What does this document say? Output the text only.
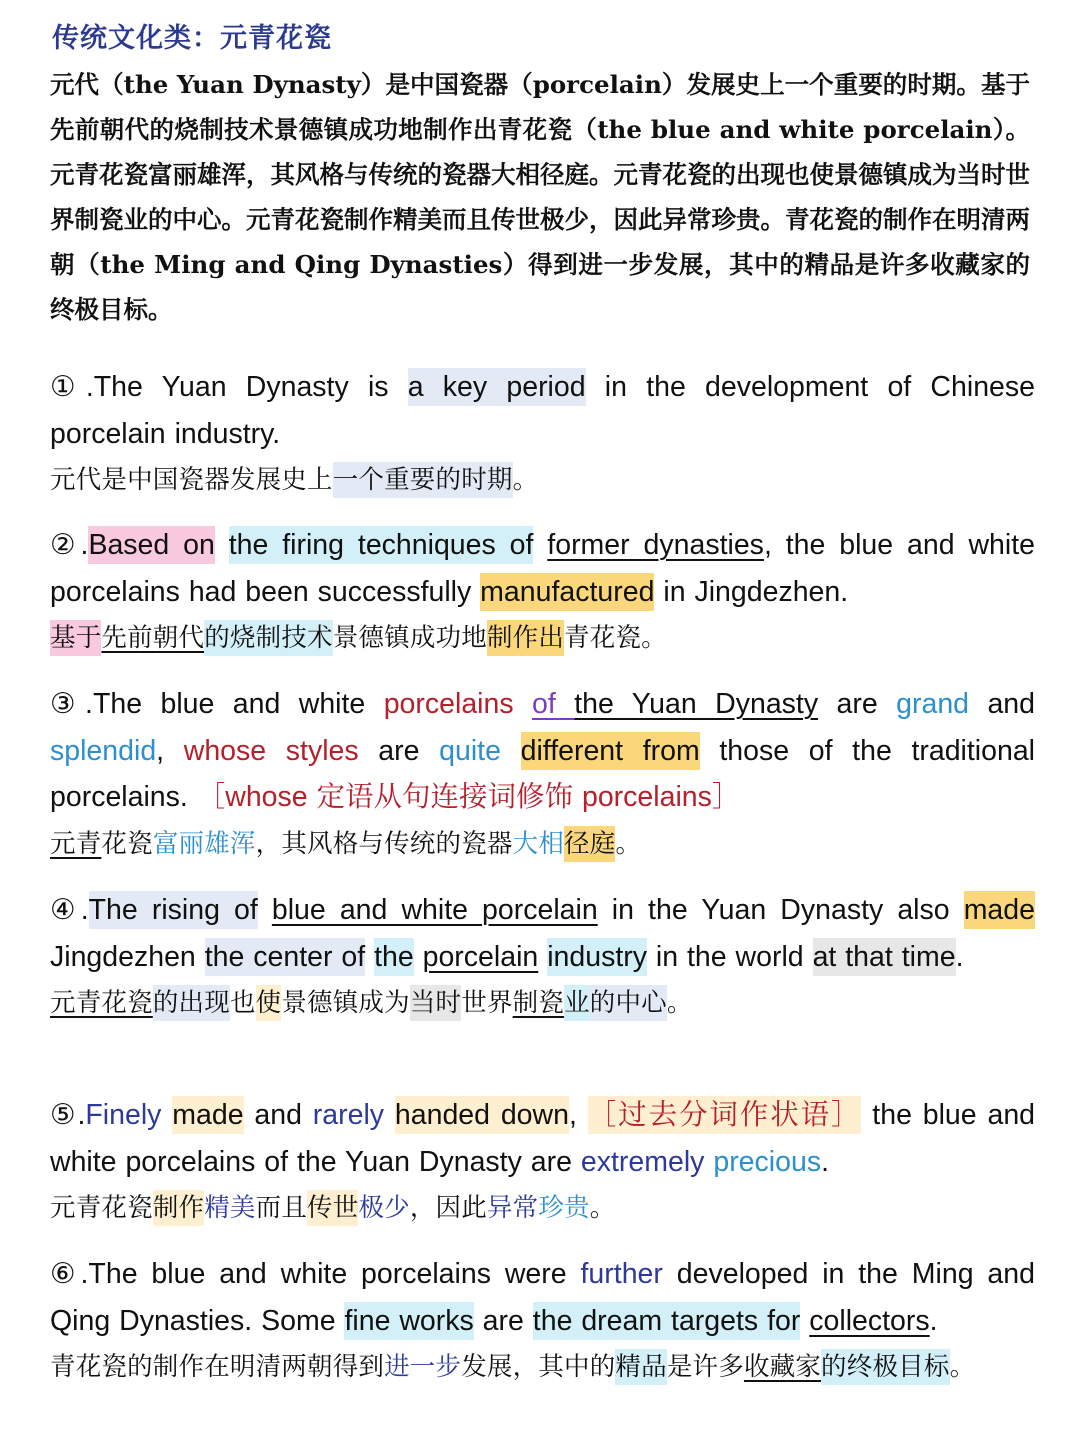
传统文化类：元青花瓷
元代（the Yuan Dynasty）是中国瓷器（porcelain）发展史上一个重要的时期。基于先前朝代的烧制技术景德镇成功地制作出青花瓷（the blue and white porcelain）。元青花瓷富丽雄浑，其风格与传统的瓷器大相径庭。元青花瓷的出现也使景德镇成为当时世界制瓷业的中心。元青花瓷制作精美而且传世极少，因此异常珍贵。青花瓷的制作在明清两朝（the Ming and Qing Dynasties）得到进一步发展，其中的精品是许多收藏家的终极目标。
①.The Yuan Dynasty is a key period in the development of Chinese porcelain industry.
元代是中国瓷器发展史上一个重要的时期。
②.Based on the firing techniques of former dynasties, the blue and white porcelains had been successfully manufactured in Jingdezhen.
基于先前朝代的烧制技术景德镇成功地制作出青花瓷。
③.The blue and white porcelains of the Yuan Dynasty are grand and splendid, whose styles are quite different from those of the traditional porcelains. ［whose 定语从句连接词修饰 porcelains］
元青花瓷富丽雄浑，其风格与传统的瓷器大相径庭。
④.The rising of blue and white porcelain in the Yuan Dynasty also made Jingdezhen the center of the porcelain industry in the world at that time.
元青花瓷的出现也使景德镇成为当时世界制瓷业的中心。
⑤.Finely made and rarely handed down, ［过去分词作状语］ the blue and white porcelains of the Yuan Dynasty are extremely precious.
元青花瓷制作精美而且传世极少，因此异常珍贵。
⑥.The blue and white porcelains were further developed in the Ming and Qing Dynasties. Some fine works are the dream targets for collectors.
青花瓷的制作在明清两朝得到进一步发展，其中的精品是许多收藏家的终极目标。
